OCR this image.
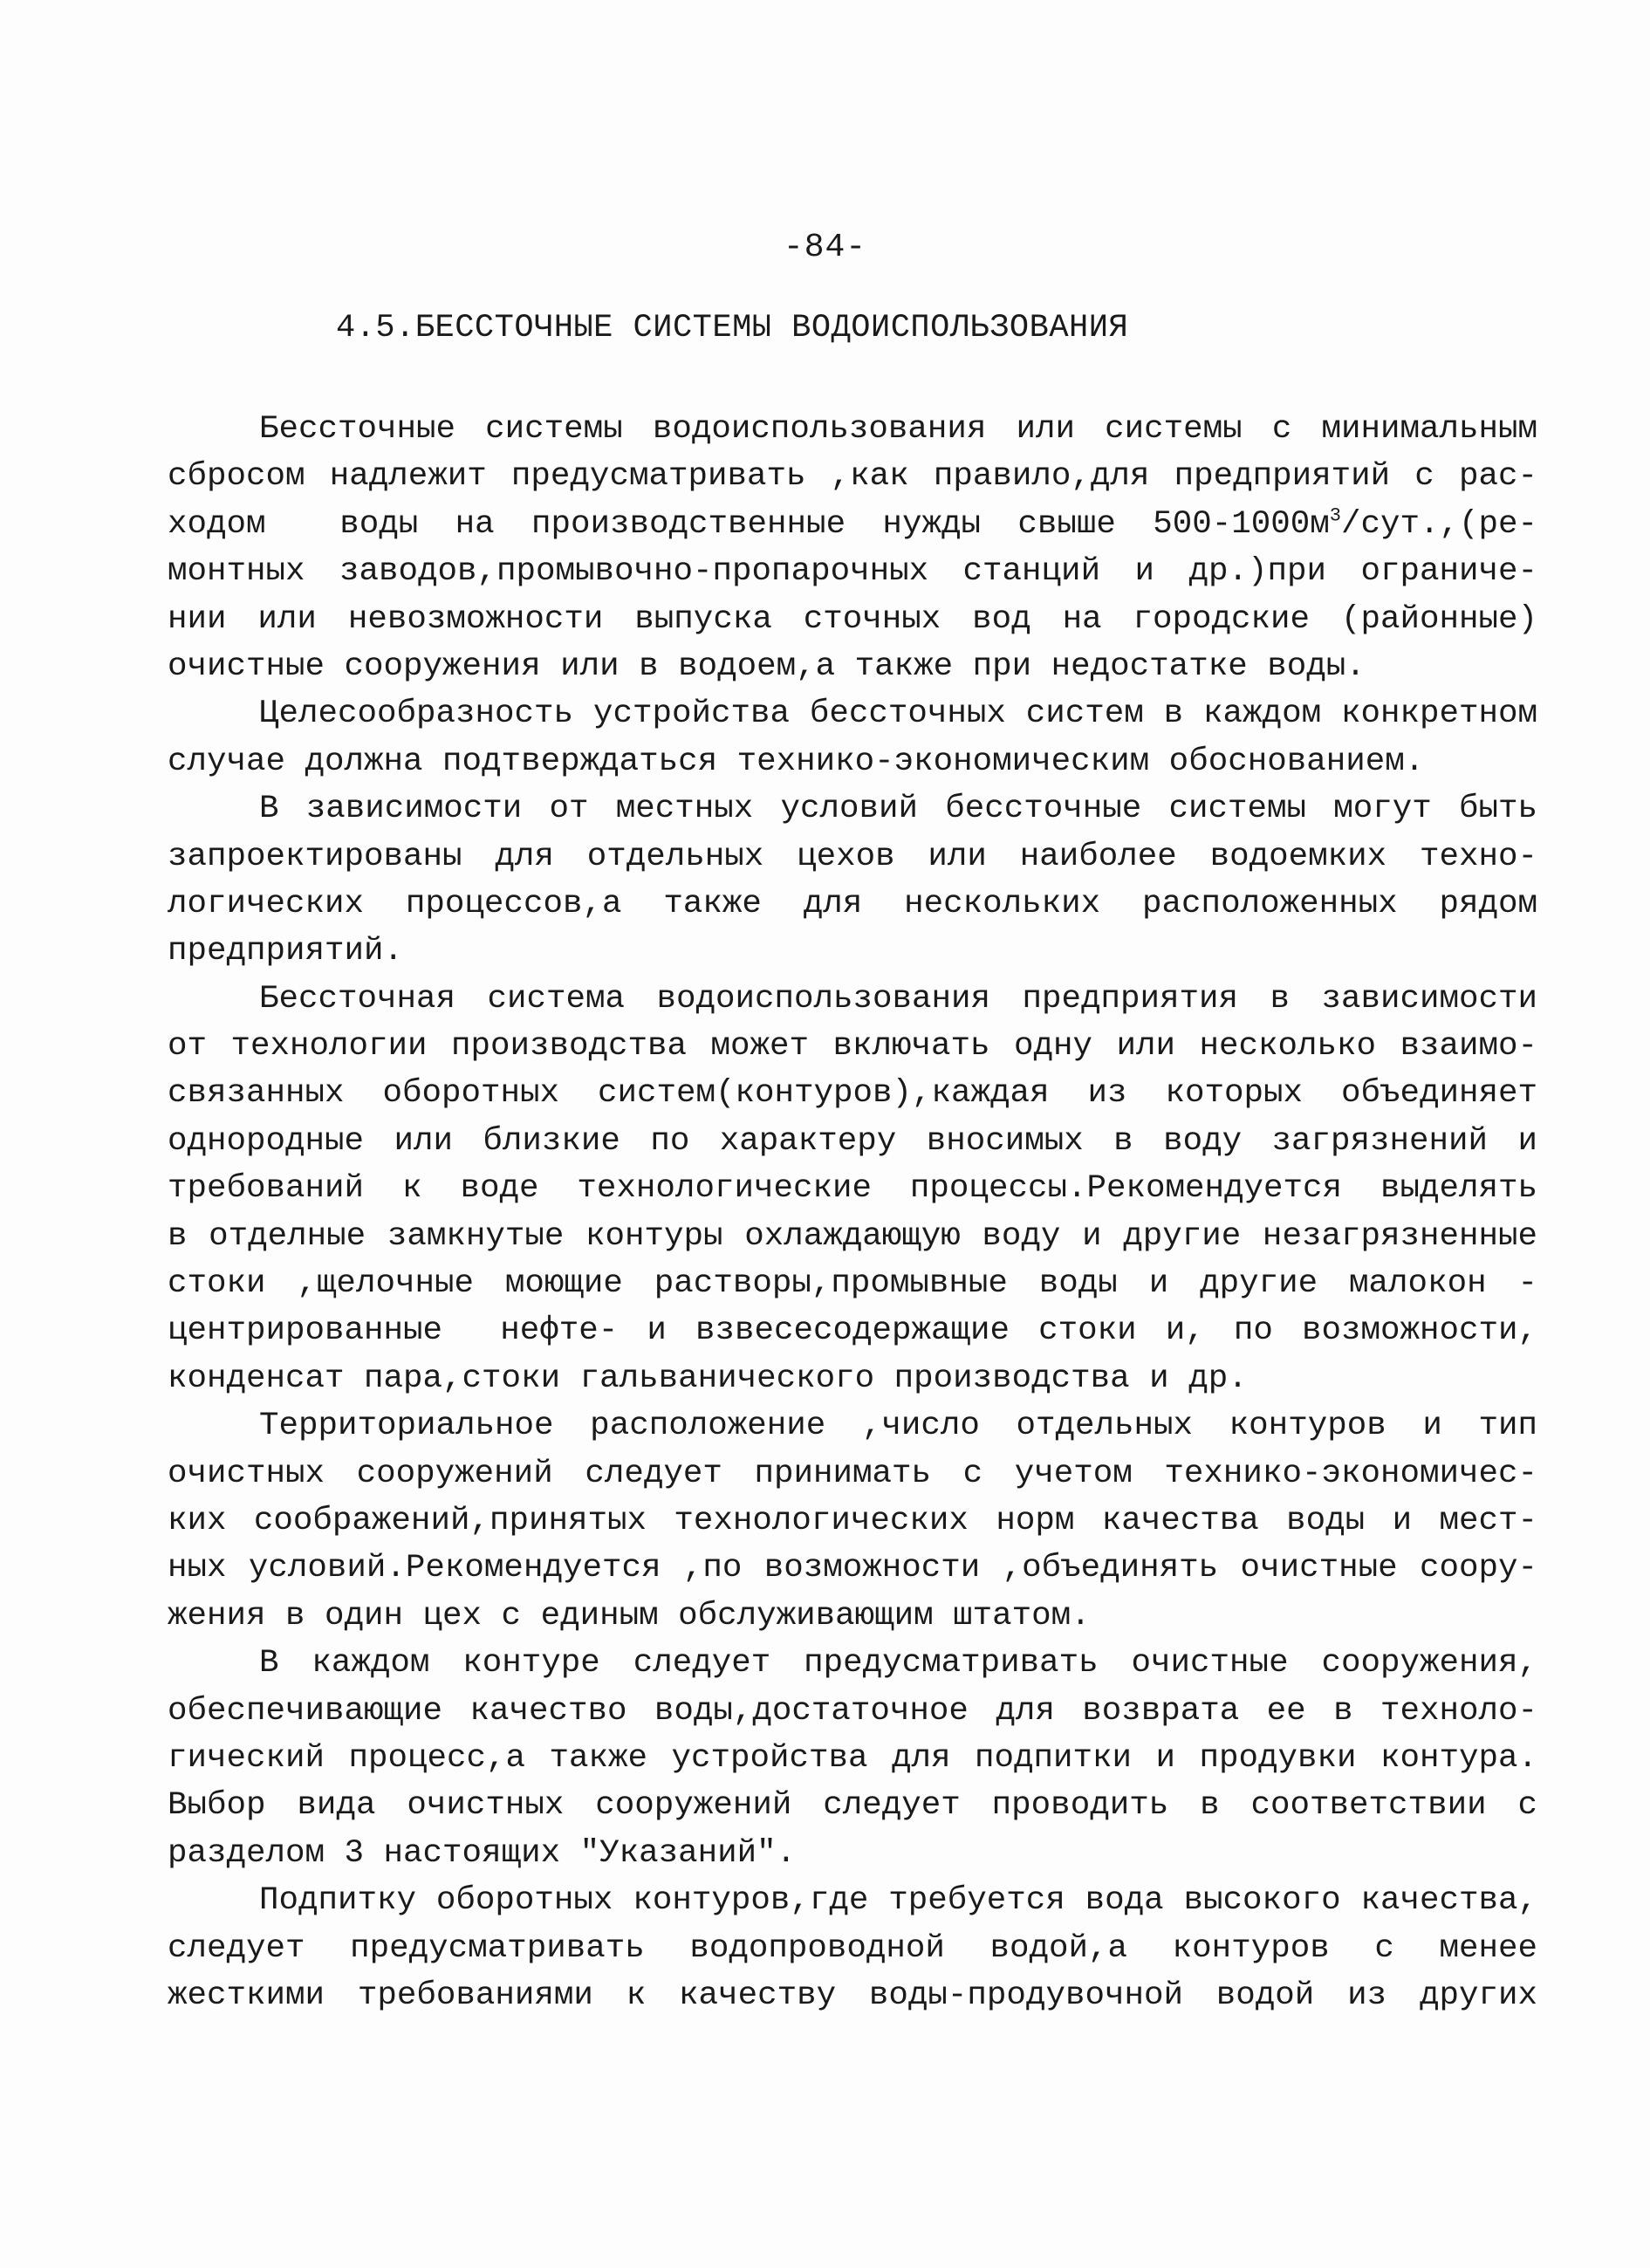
-84-
4.5.БЕССТОЧНЫЕ СИСТЕМЫ ВОДОИСПОЛЬЗОВАНИЯ
Бессточные системы водоиспользования или системы с минимальным
сбросом надлежит предусматривать ,как правило,для предприятий с рас-
ходом  воды на производственные нужды свыше $500-1000м^3/сут.,(ре-$
монтных заводов,промывочно-пропарочных станций и др.)при ограниче-
нии или невозможности выпуска сточных вод на городские (районные)
очистные сооружения или в водоем,а также при недостатке воды.
Целесообразность устройства бессточных систем в каждом конкретном
случае должна подтверждаться технико-экономическим обоснованием.
В зависимости от местных условий бессточные системы могут быть
запроектированы для отдельных цехов или наиболее водоемких техно-
логических процессов,а также для нескольких расположенных рядом
предприятий.
Бессточная система водоиспользования предприятия в зависимости
от технологии производства может включать одну или несколько взаимо-
связанных оборотных систем(контуров),каждая из которых объединяет
однородные или близкие по характеру вносимых в воду загрязнений и
требований к воде технологические процессы.Рекомендуется выделять
в отделные замкнутые контуры охлаждающую воду и другие незагрязненные
стоки ,щелочные моющие растворы,промывные воды и другие малокон -
центрированные  нефте- и взвесесодержащие стоки и, по возможности,
конденсат пара,стоки гальванического производства и др.
Территориальное расположение ,число отдельных контуров и тип
очистных сооружений следует принимать с учетом технико-экономичес-
ких соображений,принятых технологических норм качества воды и мест-
ных условий.Рекомендуется ,по возможности ,объединять очистные соору-
жения в один цех с единым обслуживающим штатом.
В каждом контуре следует предусматривать очистные сооружения,
обеспечивающие качество воды,достаточное для возврата ее в техноло-
гический процесс,а также устройства для подпитки и продувки контура.
Выбор вида очистных сооружений следует проводить в соответствии с
разделом 3 настоящих "Указаний".
Подпитку оборотных контуров,где требуется вода высокого качества,
следует предусматривать водопроводной водой,а контуров с менее
жесткими требованиями к качеству воды-продувочной водой из других
